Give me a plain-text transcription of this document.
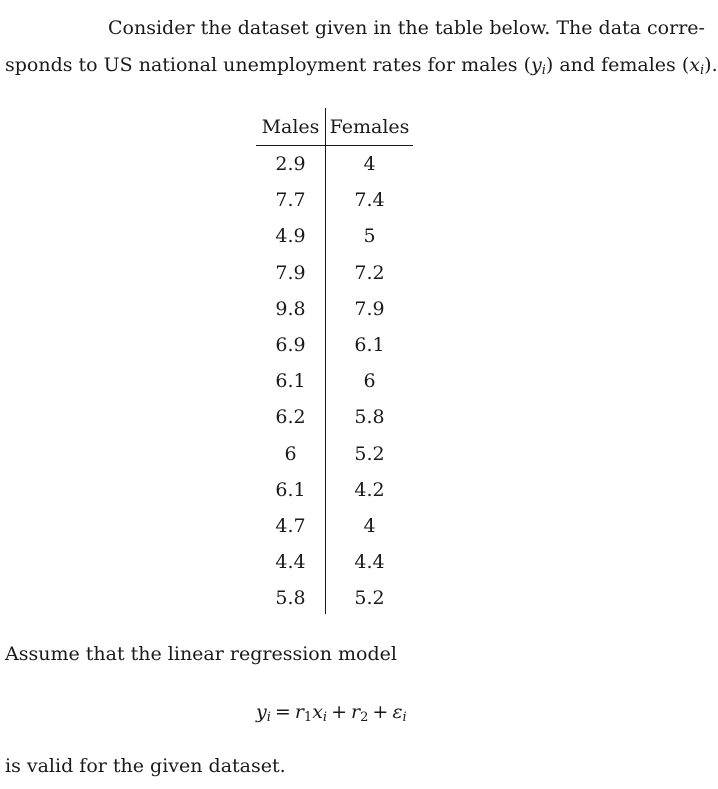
Consider the dataset given in the table below. The data corre-
sponds to US national unemployment rates for males $(y_i)$ and females $(x_i)$.
Males Females
2.9	4
7.7	7.4
4.9	5
7.9	7.2
9.8	7.9
6.9	6.1
6.1	6
6.2	5.8
6	5.2
6.1	4.2
4.7	4
4.4	4.4
5.8	5.2
Assume that the linear regression model
$y_i = r_1x_i + r_2 + \varepsilon_i$
is valid for the given dataset.
